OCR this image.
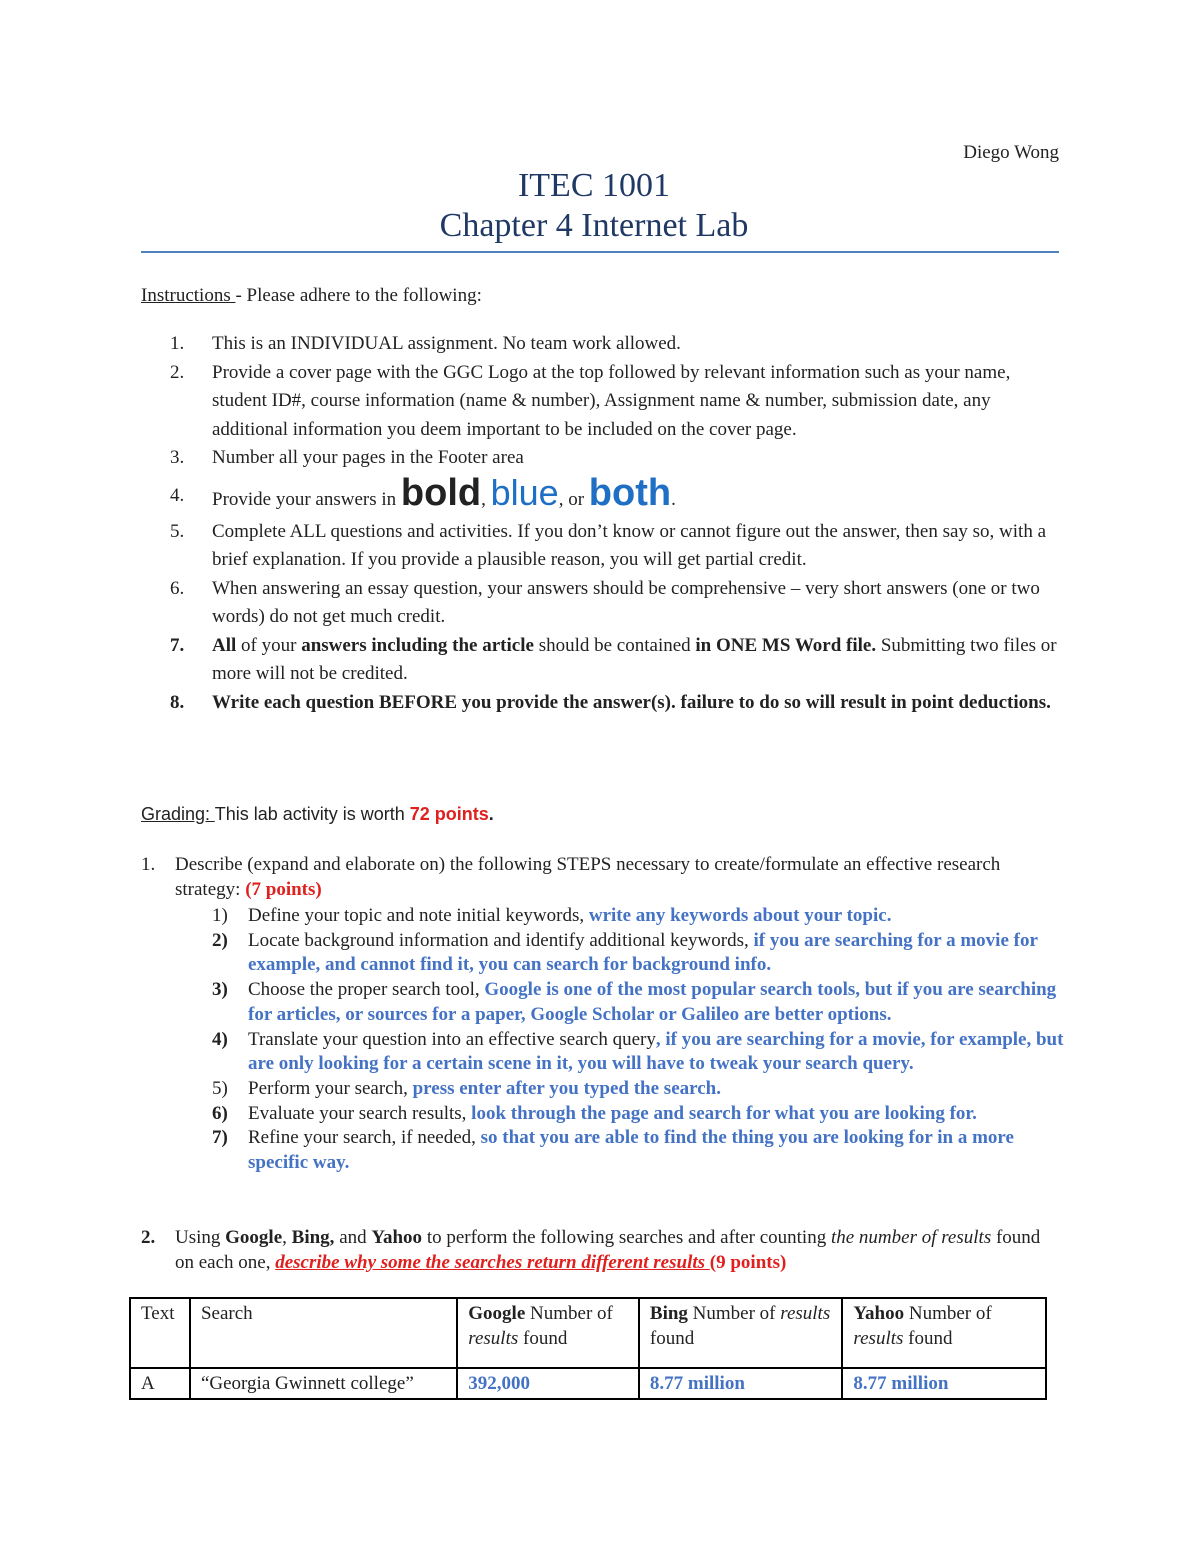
Diego Wong
ITEC 1001
Chapter 4 Internet Lab
Instructions - Please adhere to the following:
1.	This is an INDIVIDUAL assignment. No team work allowed.
2.	Provide a cover page with the GGC Logo at the top followed by relevant information such as your name, student ID#, course information (name & number), Assignment name & number, submission date, any additional information you deem important to be included on the cover page.
3.	Number all your pages in the Footer area
4.	Provide your answers in bold, blue, or both.
5.	Complete ALL questions and activities. If you don’t know or cannot figure out the answer, then say so, with a brief explanation. If you provide a plausible reason, you will get partial credit.
6.	When answering an essay question, your answers should be comprehensive – very short answers (one or two words) do not get much credit.
7.	All of your answers including the article should be contained in ONE MS Word file. Submitting two files or more will not be credited.
8.	Write each question BEFORE you provide the answer(s). failure to do so will result in point deductions.
Grading: This lab activity is worth 72 points.
1.	Describe (expand and elaborate on) the following STEPS necessary to create/formulate an effective research strategy: (7 points)
1) Define your topic and note initial keywords, write any keywords about your topic.
2) Locate background information and identify additional keywords, if you are searching for a movie for example, and cannot find it, you can search for background info.
3) Choose the proper search tool, Google is one of the most popular search tools, but if you are searching for articles, or sources for a paper, Google Scholar or Galileo are better options.
4) Translate your question into an effective search query, if you are searching for a movie, for example, but are only looking for a certain scene in it, you will have to tweak your search query.
5) Perform your search, press enter after you typed the search.
6) Evaluate your search results, look through the page and search for what you are looking for.
7) Refine your search, if needed, so that you are able to find the thing you are looking for in a more specific way.
2.	Using Google, Bing, and Yahoo to perform the following searches and after counting the number of results found on each one, describe why some the searches return different results (9 points)
Text	Search	Google Number of results found	Bing Number of results found	Yahoo Number of results found
A	“Georgia Gwinnett college”	392,000	8.77 million	8.77 million
